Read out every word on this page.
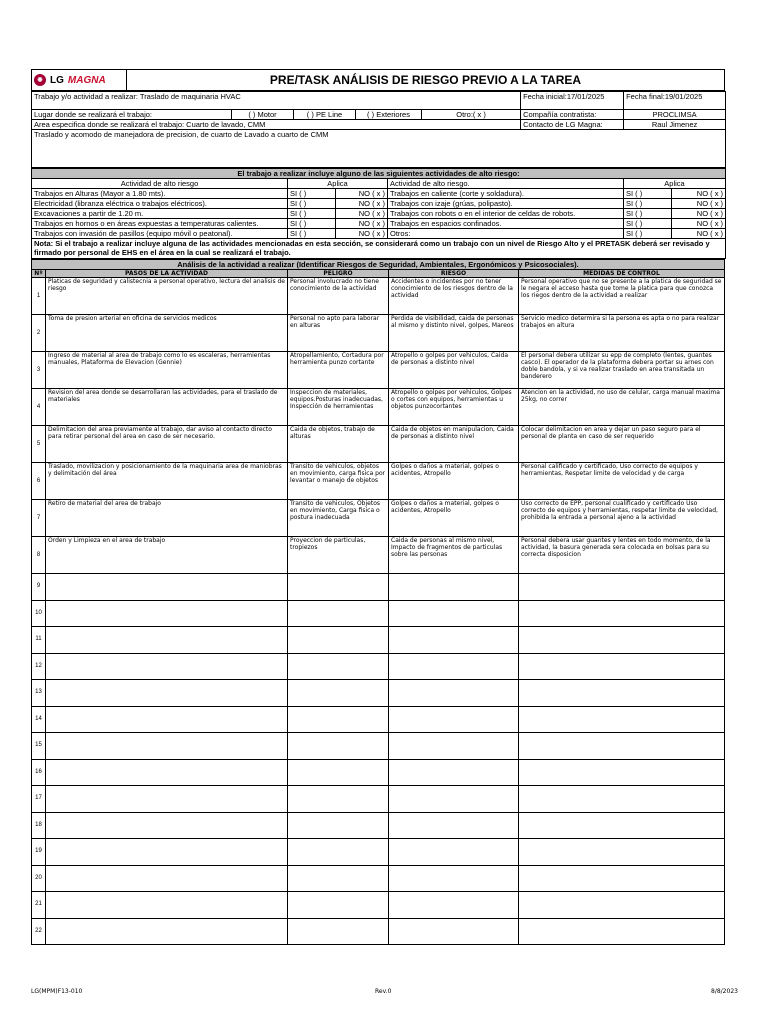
◉ LG MAGNA	PRE/TASK ANÁLISIS DE RIESGO PREVIO A LA TAREA
Trabajo y/o actividad a realizar: Traslado de maquinaria HVAC					Fecha inicial:17/01/2025	Fecha final:19/01/2025
Lugar donde se realizará el trabajo:	( ) Motor	( ) PE Line	( ) Exteriores	Otro:( x )	Compañía contratista:	PROCLIMSA
Area especifica donde se realizará el trabajo: Cuarto de lavado, CMM					Contacto de LG Magna:	Raul Jimenez
Traslado y acomodo de manejadora de precision, de cuarto de Lavado a cuarto de CMM						
El trabajo a realizar incluye alguno de las siguientes actividades de alto riesgo:					
Actividad de alto riesgo	Aplica		Actividad de alto riesgo.	Aplica	
Trabajos en Alturas (Mayor a 1.80 mts).	SI ( )	NO ( x )	Trabajos en caliente (corte y soldadura).	SI ( )	NO ( x )
Electricidad (libranza eléctrica o trabajos eléctricos).	SI ( )	NO ( x )	Trabajos con izaje (grúas, polipasto).	SI ( )	NO ( x )
Excavaciones a partir de 1.20 m.	SI ( )	NO ( x )	Trabajos con robots o en el interior de celdas de robots.	SI ( )	NO ( x )
Trabajos en hornos o en áreas expuestas a temperaturas calientes.	SI ( )	NO ( x )	Trabajos en espacios confinados.	SI ( )	NO ( x )
Trabajos con invasión de pasillos (equipo móvil o peatonal).	SI ( )	NO ( x )	Otros:	SI ( )	NO ( x )
Nota: Si el trabajo a realizar incluye alguna de las actividades mencionadas en esta sección, se considerará como un trabajo con un nivel de Riesgo Alto y el PRETASK deberá ser revisado y firmado por personal de EHS en el área en la cual se realizará el trabajo.					
Análisis de la actividad a realizar (Identificar Riesgos de Seguridad, Ambientales, Ergonómicos y Psicosociales).				
Nº	PASOS DE LA ACTIVIDAD	PELIGRO	RIESGO	MEDIDAS DE CONTROL
1	Platicas de seguridad y calistecnia a personal operativo, lectura del analisis de riesgo	Personal involucrado no tiene conocimiento de la actividad	Accidentes o incidentes por no tener conocimiento de los riesgos dentro de la actividad	Personal operativo que no se presente a la platica de seguridad se le negara el acceso hasta que tome la platica para que conozca los riegos dentro de la actividad a realizar
2	Toma de presion arterial en oficina de servicios medicos	Personal no apto para laborar en alturas	Perdida de visibilidad, caida de personas al mismo y distinto nivel, golpes, Mareos	Servicio medico determira si la persona es apta o no para realizar trabajos en altura
3	Ingreso de material al area de trabajo como lo es escaleras, herramientas manuales, Plataforma de Elevacion (Gennie)	Atropellamiento, Cortadura por herramienta punzo cortante	Atropello o golpes por vehiculos, Caida de personas a distinto nivel	El personal debera utilizar su epp de completo (lentes, guantes casco). El operador de la plataforma debera portar su arnes con doble bandola, y si va realizar traslado en area transitada un banderero
4	Revision del area donde se desarrollaran las actividades, para el traslado de materiales	Inspeccion de materiales, equipos.Posturas inadecuadas, Inspección de herramientas	Atropello o golpes por vehiculos, Golpes o cortes con equipos, herramientas u objetos punzocortantes	Atencion en la actividad, no uso de celular, carga manual maxima 25kg, no correr
5	Delimitacion del area previamente al trabajo, dar aviso al contacto directo para retirar personal del area en caso de ser necesario.	Caida de objetos, trabajo de alturas	Caida de objetos en manipulacion, Caida de personas a distinto nivel	Colocar delimitacion en area y dejar un paso seguro para el personal de planta en caso de ser requerido
6	Traslado, movilizacion y posicionamiento de la maquinaria area de maniobras y delimitación del área	Transito de vehiculos, objetos en movimiento, carga fisica por levantar o manejo de objetos	Golpes o daños a material, golpes o acidentes, Atropello	Personal calificado y certificado, Uso correcto de equipos y herramientas, Respetar limite de velocidad y de carga
7	Retiro de material del area de trabajo	Transito de vehiculos, Objetos en movimiento, Carga fisica o postura inadecuada	Golpes o daños a material, golpes o acidentes, Atropello	Uso correcto de EPP, personal cualificado y certificado Uso correcto de equipos y herramientas, respetar limite de velocidad, prohibida la entrada a personal ajeno a la actividad
8	Orden y Limpieza en el area de trabajo	Proyeccion de particulas, tropiezos	Caida de personas al mismo nivel, Impacto de fragmentos de particulas sobre las personas	Personal debera usar guantes y lentes en todo momento, de la actividad, la basura generada sera colocada en bolsas para su correcta disposicion
9				
10				
11				
12				
13				
14				
15				
16				
17				
18				
19				
20				
21				
22				
LG(MPM)F13-010	Rev.0	8/8/2023
